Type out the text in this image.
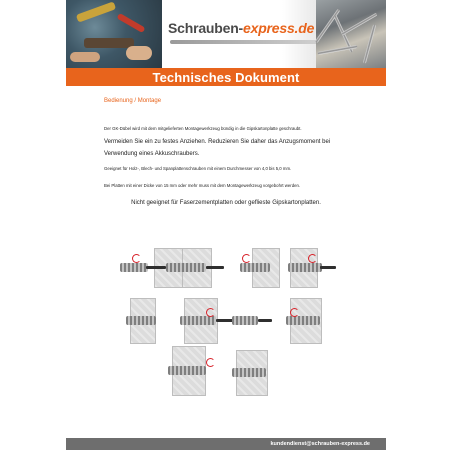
Schrauben-express.de
Technisches Dokument
Bedienung / Montage
Der GK-Dübel wird mit dem mitgelieferten Montagewerkzeug bündig in die Gipskartonplatte geschraubt.
Vermeiden Sie ein zu festes Anziehen. Reduzieren Sie daher das Anzugsmoment bei Verwendung eines Akkuschraubers.
Geeignet für Holz-, Blech- und Spanplattenschrauben mit einem Durchmesser von 4,0 bis 5,0 mm.
Bei Platten mit einer Dicke von 15 mm oder mehr muss mit dem Montagewerkzeug vorgebohrt werden.
Nicht geeignet für Faserzementplatten oder geflieste Gipskartonplatten.
kundendienst@schrauben-express.de
